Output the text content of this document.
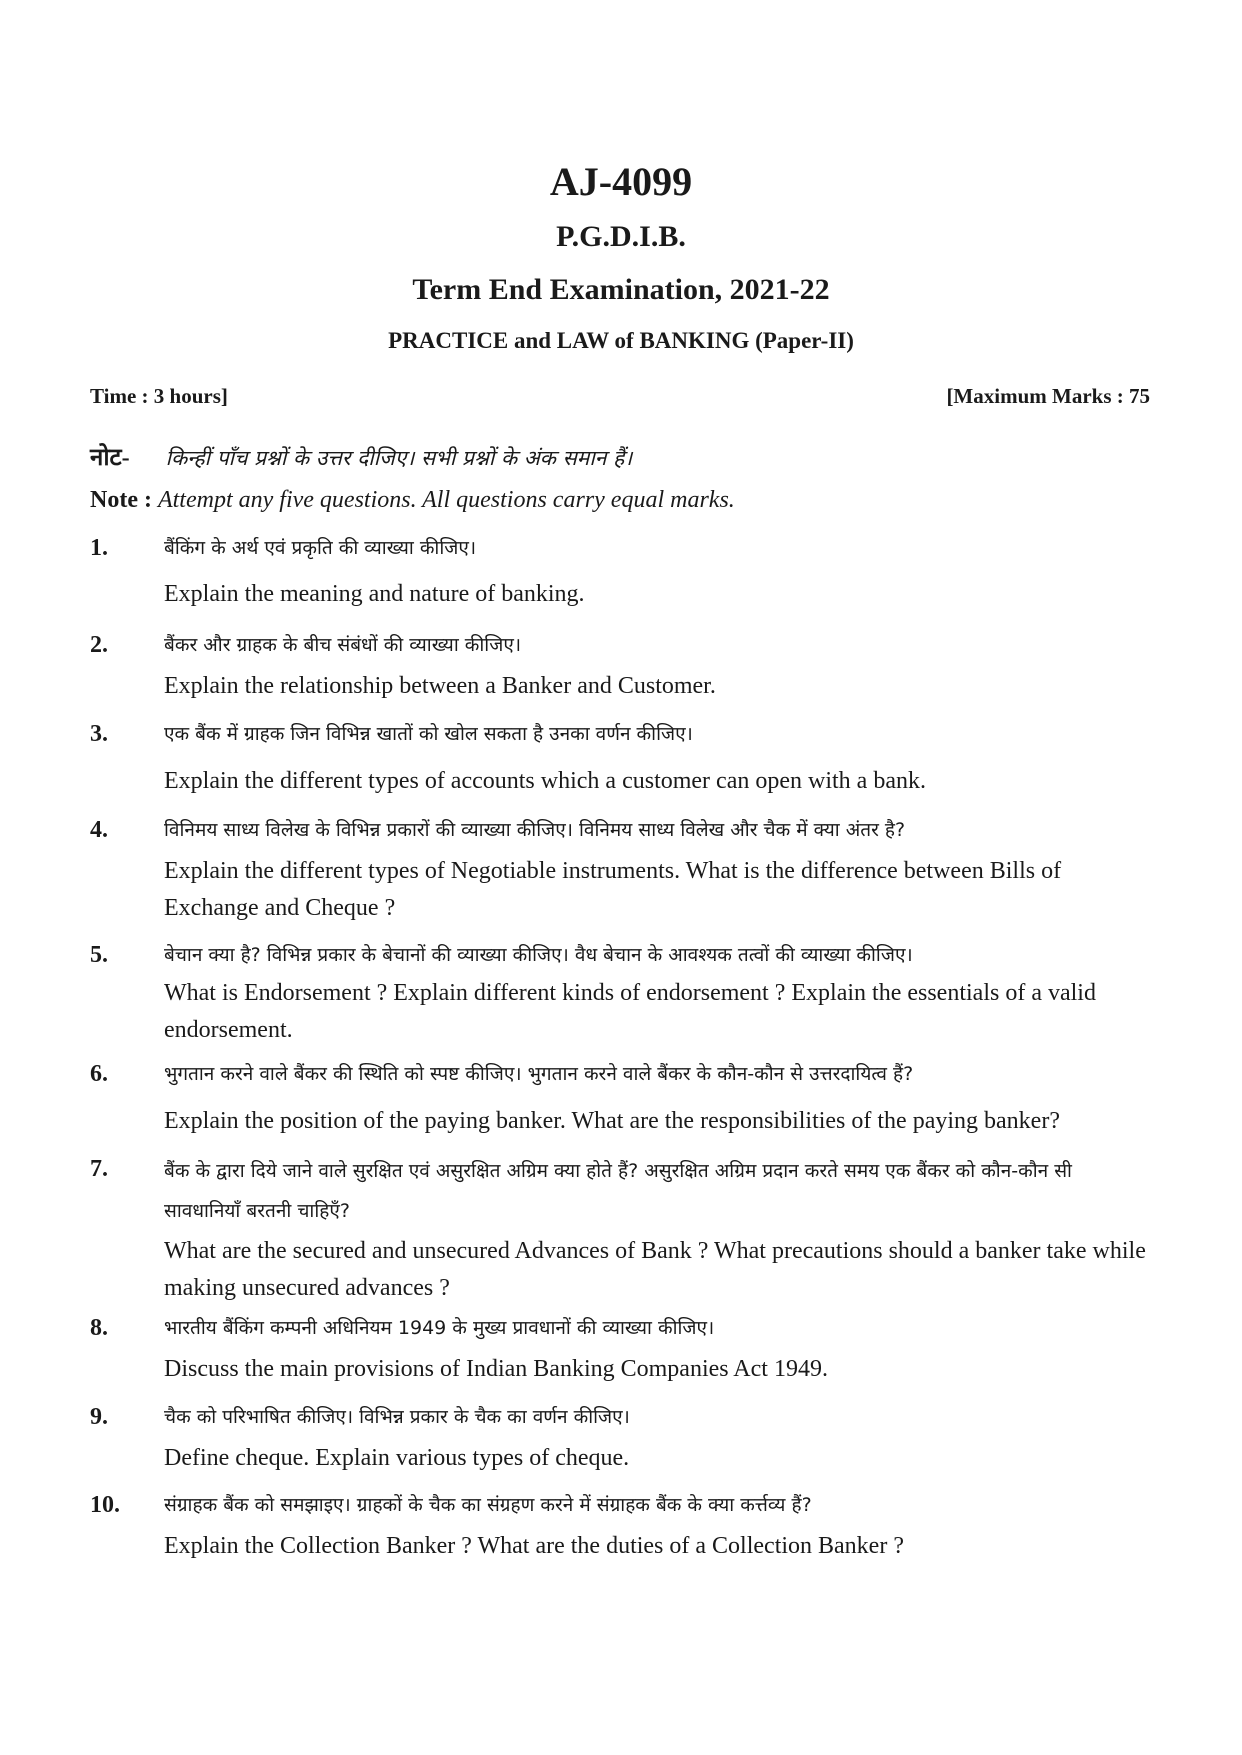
AJ-4099
P.G.D.I.B.
Term End Examination, 2021-22
PRACTICE and LAW of BANKING (Paper-II)
Time : 3 hours]	[Maximum Marks : 75
नोट- किन्हीं पाँच प्रश्नों के उत्तर दीजिए। सभी प्रश्नों के अंक समान हैं।
Note : Attempt any five questions. All questions carry equal marks.
1.	बैंकिंग के अर्थ एवं प्रकृति की व्याख्या कीजिए।
Explain the meaning and nature of banking.
2.	बैंकर और ग्राहक के बीच संबंधों की व्याख्या कीजिए।
Explain the relationship between a Banker and Customer.
3.	एक बैंक में ग्राहक जिन विभिन्न खातों को खोल सकता है उनका वर्णन कीजिए।
Explain the different types of accounts which a customer can open with a bank.
4.	विनिमय साध्य विलेख के विभिन्न प्रकारों की व्याख्या कीजिए। विनिमय साध्य विलेख और चैक में क्या अंतर है?
Explain the different types of Negotiable instruments. What is the difference between Bills of Exchange and Cheque ?
5.	बेचान क्या है? विभिन्न प्रकार के बेचानों की व्याख्या कीजिए। वैध बेचान के आवश्यक तत्वों की व्याख्या कीजिए।
What is Endorsement ? Explain different kinds of endorsement ? Explain the essentials of a valid endorsement.
6.	भुगतान करने वाले बैंकर की स्थिति को स्पष्ट कीजिए। भुगतान करने वाले बैंकर के कौन-कौन से उत्तरदायित्व हैं?
Explain the position of the paying banker. What are the responsibilities of the paying banker?
7.	बैंक के द्वारा दिये जाने वाले सुरक्षित एवं असुरक्षित अग्रिम क्या होते हैं? असुरक्षित अग्रिम प्रदान करते समय एक बैंकर को कौन-कौन सी सावधानियाँ बरतनी चाहिएँ?
What are the secured and unsecured Advances of Bank ? What precautions should a banker take while making unsecured advances ?
8.	भारतीय बैंकिंग कम्पनी अधिनियम 1949 के मुख्य प्रावधानों की व्याख्या कीजिए।
Discuss the main provisions of Indian Banking Companies Act 1949.
9.	चैक को परिभाषित कीजिए। विभिन्न प्रकार के चैक का वर्णन कीजिए।
Define cheque. Explain various types of cheque.
10. संग्राहक बैंक को समझाइए। ग्राहकों के चैक का संग्रहण करने में संग्राहक बैंक के क्या कर्त्तव्य हैं?
Explain the Collection Banker ? What are the duties of a Collection Banker ?
